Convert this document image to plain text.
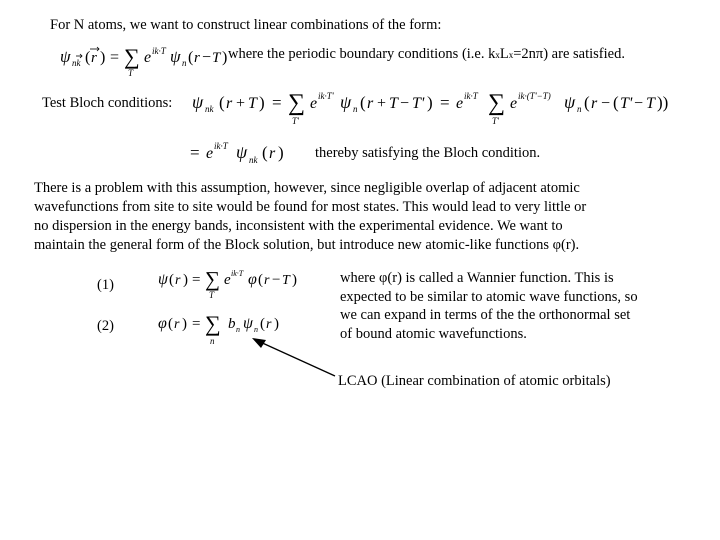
For N atoms, we want to construct linear combinations of the form:
ψ nk ( r ) = ∑
T
e ik·T ψ n ( r − T ) where the periodic boundary conditions (i.e. kxLx=2nπ) are satisfied.
Test Bloch conditions: ψ nk ( r + T ) = ∑
T'
e ik·T' ψ n ( r + T − T' ) = e ik·T ∑
T'
e ik·(T'−T) ψ n ( r − ( T' − T ))
= e ik·T ψ nk ( r ) thereby satisfying the Bloch condition.
There is a problem with this assumption, however, since negligible overlap of adjacent atomic
wavefunctions from site to site would be found for most states. This would lead to very little or
no dispersion in the energy bands, inconsistent with the experimental evidence. We want to
maintain the general form of the Block solution, but introduce new atomic-like functions φ(r).
(1)
(2)
ψ ( r ) = ∑
T
e ik·T φ ( r − T )
φ ( r ) = ∑
n
b n ψ n ( r )
where φ(r) is called a Wannier function. This is
expected to be similar to atomic wave functions, so
we can expand in terms of the the orthonormal set
of bound atomic wavefunctions.
LCAO (Linear combination of atomic orbitals)
